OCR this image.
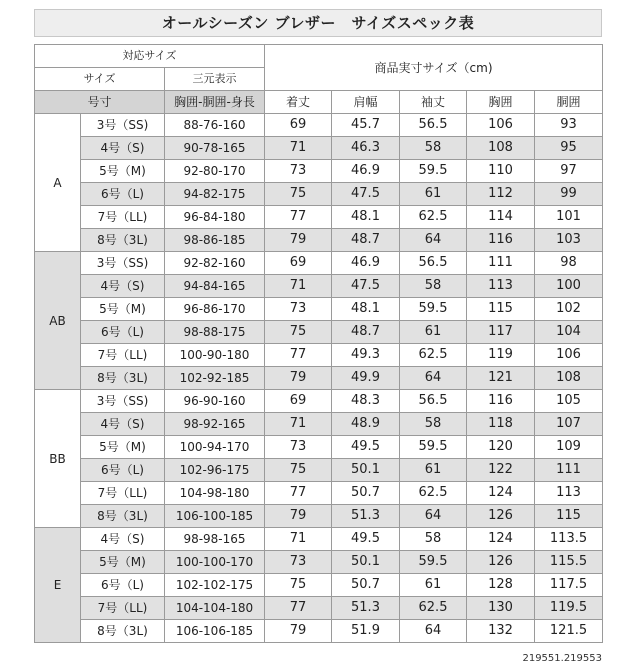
オールシーズン ブレザー　サイズスペック表
対応サイズ			商品実寸サイズ（cm)				
サイズ		三元表示					
号寸		胸囲-胴囲-身長	着丈	肩幅	袖丈	胸囲	胴囲
A	3号（SS)	88-76-160	69	45.7	56.5	106	93
	4号（S)	90-78-165	71	46.3	58	108	95
	5号（M)	92-80-170	73	46.9	59.5	110	97
	6号（L)	94-82-175	75	47.5	61	112	99
	7号（LL)	96-84-180	77	48.1	62.5	114	101
	8号（3L)	98-86-185	79	48.7	64	116	103
AB	3号（SS)	92-82-160	69	46.9	56.5	111	98
	4号（S)	94-84-165	71	47.5	58	113	100
	5号（M)	96-86-170	73	48.1	59.5	115	102
	6号（L)	98-88-175	75	48.7	61	117	104
	7号（LL)	100-90-180	77	49.3	62.5	119	106
	8号（3L)	102-92-185	79	49.9	64	121	108
BB	3号（SS)	96-90-160	69	48.3	56.5	116	105
	4号（S)	98-92-165	71	48.9	58	118	107
	5号（M)	100-94-170	73	49.5	59.5	120	109
	6号（L)	102-96-175	75	50.1	61	122	111
	7号（LL)	104-98-180	77	50.7	62.5	124	113
	8号（3L)	106-100-185	79	51.3	64	126	115
E	4号（S)	98-98-165	71	49.5	58	124	113.5
	5号（M)	100-100-170	73	50.1	59.5	126	115.5
	6号（L)	102-102-175	75	50.7	61	128	117.5
	7号（LL)	104-104-180	77	51.3	62.5	130	119.5
	8号（3L)	106-106-185	79	51.9	64	132	121.5
219551.219553
